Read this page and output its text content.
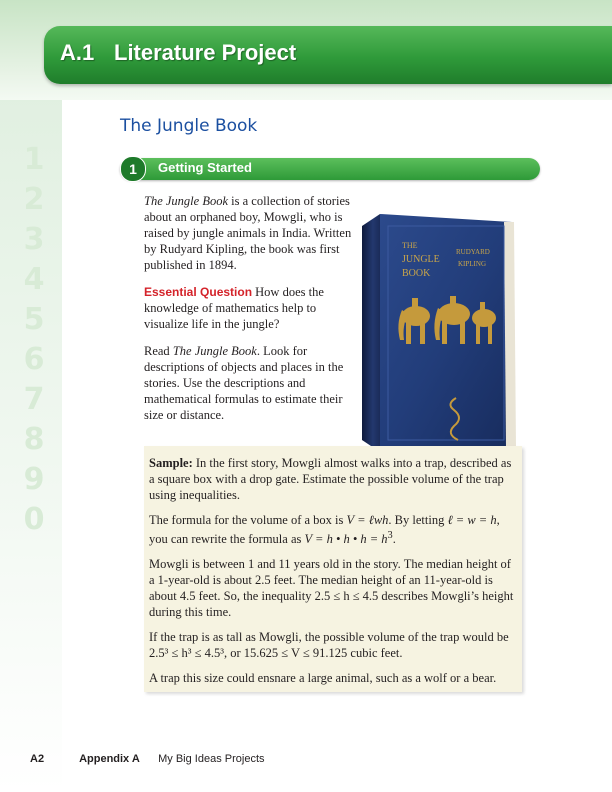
1
2
3
4
5
6
7
8
9
0
A.1 Literature Project
The Jungle Book
1	Getting Started

The Jungle Book is a collection of stories about an orphaned boy, Mowgli, who is raised by jungle animals in India. Written by Rudyard Kipling, the book was first published in 1894.

Essential Question How does the knowledge of mathematics help to visualize life in the jungle?

Read The Jungle Book. Look for descriptions of objects and places in the stories. Use the descriptions and mathematical formulas to estimate their size or distance.

THE
JUNGLE
BOOK
RUDYARD
KIPLING

Sample: In the first story, Mowgli almost walks into a trap, described as a square box with a drop gate. Estimate the possible volume of the trap using inequalities.

The formula for the volume of a box is V = ℓwh. By letting ℓ = w = h, you can rewrite the formula as V = h • h • $h = h^3$.

Mowgli is between 1 and 11 years old in the story. The median height of a 1-year-old is about 2.5 feet. The median height of an 11-year-old is about 4.5 feet. So, the inequality 2.5 ≤ h ≤ 4.5 describes Mowgli’s height during this time.

If the trap is as tall as Mowgli, the possible volume of the trap would be 2.5³ ≤ h³ ≤ 4.5³, or 15.625 ≤ V ≤ 91.125 cubic feet.

A trap this size could ensnare a large animal, such as a wolf or a bear.

A2	Appendix A My Big Ideas Projects
